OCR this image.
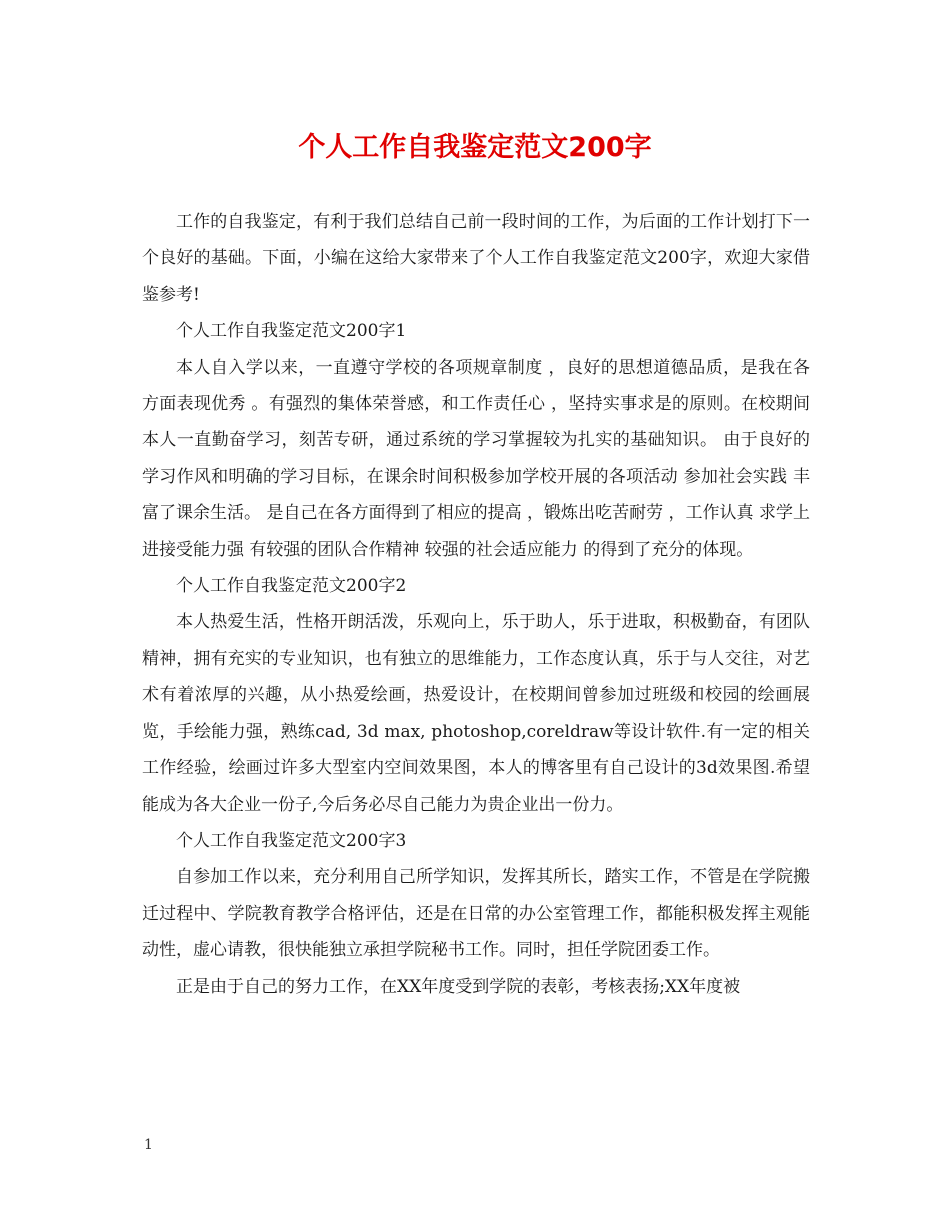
个人工作自我鉴定范文200字

工作的自我鉴定，有利于我们总结自己前一段时间的工作，为后面的工作计划打下一个良好的基础。下面，小编在这给大家带来了个人工作自我鉴定范文200字，欢迎大家借鉴参考!

个人工作自我鉴定范文200字1

本人自入学以来，一直遵守学校的各项规章制度 ，良好的思想道德品质，是我在各方面表现优秀 。有强烈的集体荣誉感，和工作责任心 ，坚持实事求是的原则。在校期间本人一直勤奋学习，刻苦专研，通过系统的学习掌握较为扎实的基础知识。 由于良好的学习作风和明确的学习目标，在课余时间积极参加学校开展的各项活动 参加社会实践 丰富了课余生活。 是自己在各方面得到了相应的提高 ，锻炼出吃苦耐劳 ，工作认真 求学上进接受能力强 有较强的团队合作精神 较强的社会适应能力 的得到了充分的体现。

个人工作自我鉴定范文200字2

本人热爱生活，性格开朗活泼，乐观向上，乐于助人，乐于进取，积极勤奋，有团队精神，拥有充实的专业知识，也有独立的思维能力，工作态度认真，乐于与人交往，对艺术有着浓厚的兴趣，从小热爱绘画，热爱设计，在校期间曾参加过班级和校园的绘画展览，手绘能力强，熟练cad, 3d max, photoshop,coreldraw等设计软件.有一定的相关工作经验，绘画过许多大型室内空间效果图，本人的博客里有自己设计的3d效果图.希望能成为各大企业一份子,今后务必尽自己能力为贵企业出一份力。

个人工作自我鉴定范文200字3

自参加工作以来，充分利用自己所学知识，发挥其所长，踏实工作，不管是在学院搬迁过程中、学院教育教学合格评估，还是在日常的办公室管理工作，都能积极发挥主观能动性，虚心请教，很快能独立承担学院秘书工作。同时，担任学院团委工作。

正是由于自己的努力工作，在XX年度受到学院的表彰，考核表扬;XX年度被

1
